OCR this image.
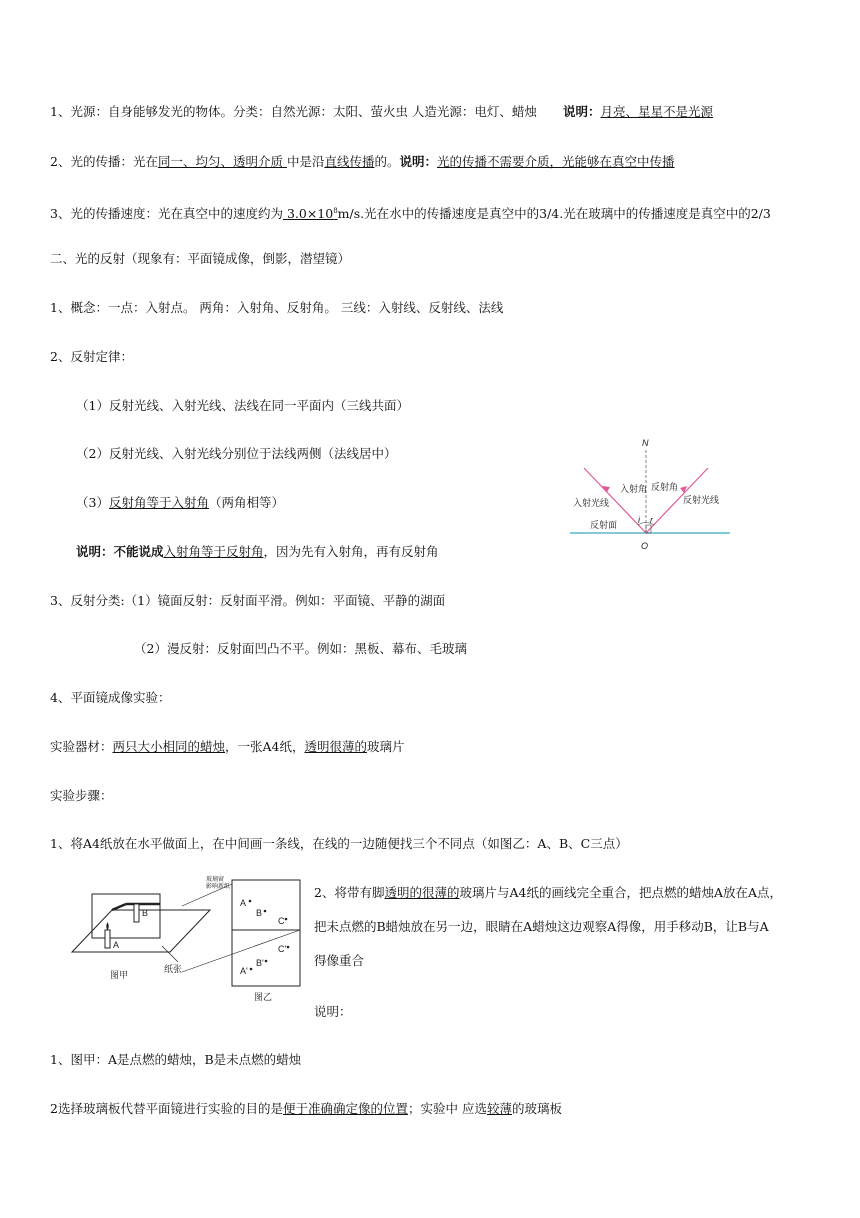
1、光源：自身能够发光的物体。分类：自然光源：太阳、萤火虫 人造光源：电灯、蜡烛 说明：月亮、星星不是光源
2、光的传播：光在同一、均匀、透明介质 中是沿直线传播的。说明：光的传播不需要介质，光能够在真空中传播
3、光的传播速度：光在真空中的速度约为 $3.0\times 10^8m/s$.光在水中的传播速度是真空中的3/4.光在玻璃中的传播速度是真空中的2/3
二、光的反射（现象有：平面镜成像，倒影，潜望镜）
1、概念：一点：入射点。 两角：入射角、反射角。 三线：入射线、反射线、法线
2、反射定律：
（1）反射光线、入射光线、法线在同一平面内（三线共面）
（2）反射光线、入射光线分别位于法线两侧（法线居中）
（3）反射角等于入射角（两角相等）
说明：不能说成入射角等于反射角，因为先有入射角，再有反射角
3、反射分类:（1）镜面反射：反射面平滑。例如：平面镜、平静的湖面
（2）漫反射：反射面凹凸不平。例如：黑板、幕布、毛玻璃
4、平面镜成像实验：
实验器材：两只大小相同的蜡烛，一张A4纸，透明很薄的玻璃片
实验步骤：
1、将A4纸放在水平做面上，在中间画一条线，在线的一边随便找三个不同点（如图乙：A、B、C三点）
2、将带有脚透明的很薄的玻璃片与A4纸的画线完全重合，把点燃的蜡烛A放在A点，
把未点燃的B蜡烛放在另一边，眼睛在A蜡烛这边观察A得像，用手移动B，让B与A
得像重合
说明：
1、图甲：A是点燃的蜡烛，B是未点燃的蜡烛
2选择玻璃板代替平面镜进行实验的目的是便于准确确定像的位置；实验中 应选较薄的玻璃板
N
入射角 反射角
入射光线	反射光线
反射面 i r
O
B
A
纸张
图甲
玻璃窗
影响新纸
A
B
C
A'
B'
C'
图乙
